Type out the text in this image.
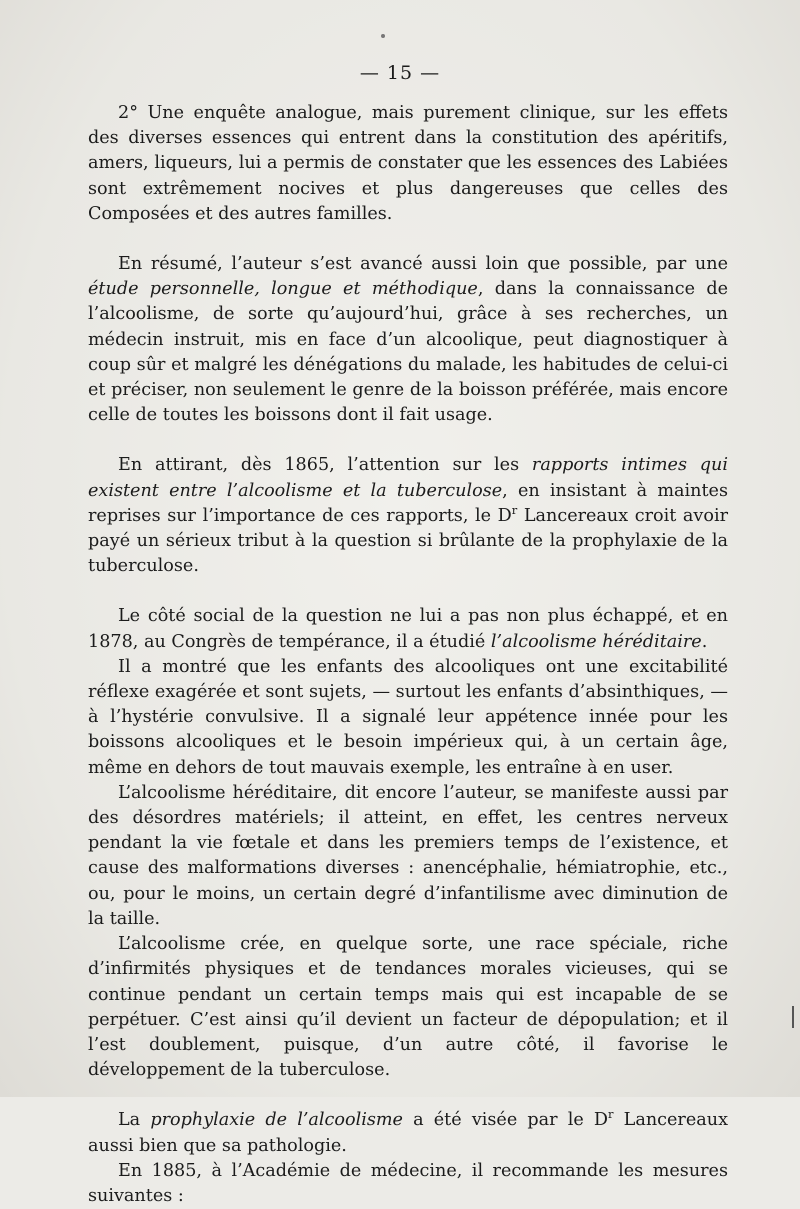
— 15 —

2° Une enquête analogue, mais purement clinique, sur les effets des diverses essences qui entrent dans la constitution des apéritifs, amers, liqueurs, lui a permis de constater que les essences des Labiées sont extrêmement nocives et plus dangereuses que celles des Composées et des autres familles.

En résumé, l’auteur s’est avancé aussi loin que possible, par une étude personnelle, longue et méthodique, dans la connaissance de l’alcoolisme, de sorte qu’aujourd’hui, grâce à ses recherches, un médecin instruit, mis en face d’un alcoolique, peut diagnostiquer à coup sûr et malgré les dénégations du malade, les habitudes de celui-ci et préciser, non seulement le genre de la boisson préférée, mais encore celle de toutes les boissons dont il fait usage.

En attirant, dès 1865, l’attention sur les rapports intimes qui existent entre l’alcoolisme et la tuberculose, en insistant à maintes reprises sur l’importance de ces rapports, le $D^r$ Lancereaux croit avoir payé un sérieux tribut à la question si brûlante de la prophylaxie de la tuberculose.

Le côté social de la question ne lui a pas non plus échappé, et en 1878, au Congrès de tempérance, il a étudié l’alcoolisme héréditaire.

Il a montré que les enfants des alcooliques ont une excitabilité réflexe exagérée et sont sujets, — surtout les enfants d’absinthiques, — à l’hystérie convulsive. Il a signalé leur appétence innée pour les boissons alcooliques et le besoin impérieux qui, à un certain âge, même en dehors de tout mauvais exemple, les entraîne à en user.

L’alcoolisme héréditaire, dit encore l’auteur, se manifeste aussi par des désordres matériels; il atteint, en effet, les centres nerveux pendant la vie fœtale et dans les premiers temps de l’existence, et cause des malformations diverses : anencéphalie, hémiatrophie, etc., ou, pour le moins, un certain degré d’infantilisme avec diminution de la taille.

L’alcoolisme crée, en quelque sorte, une race spéciale, riche d’infirmités physiques et de tendances morales vicieuses, qui se continue pendant un certain temps mais qui est incapable de se perpétuer. C’est ainsi qu’il devient un facteur de dépopulation; et il l’est doublement, puisque, d’un autre côté, il favorise le développement de la tuberculose.

La prophylaxie de l’alcoolisme a été visée par le $D^r$ Lancereaux aussi bien que sa pathologie.

En 1885, à l’Académie de médecine, il recommande les mesures suivantes :
